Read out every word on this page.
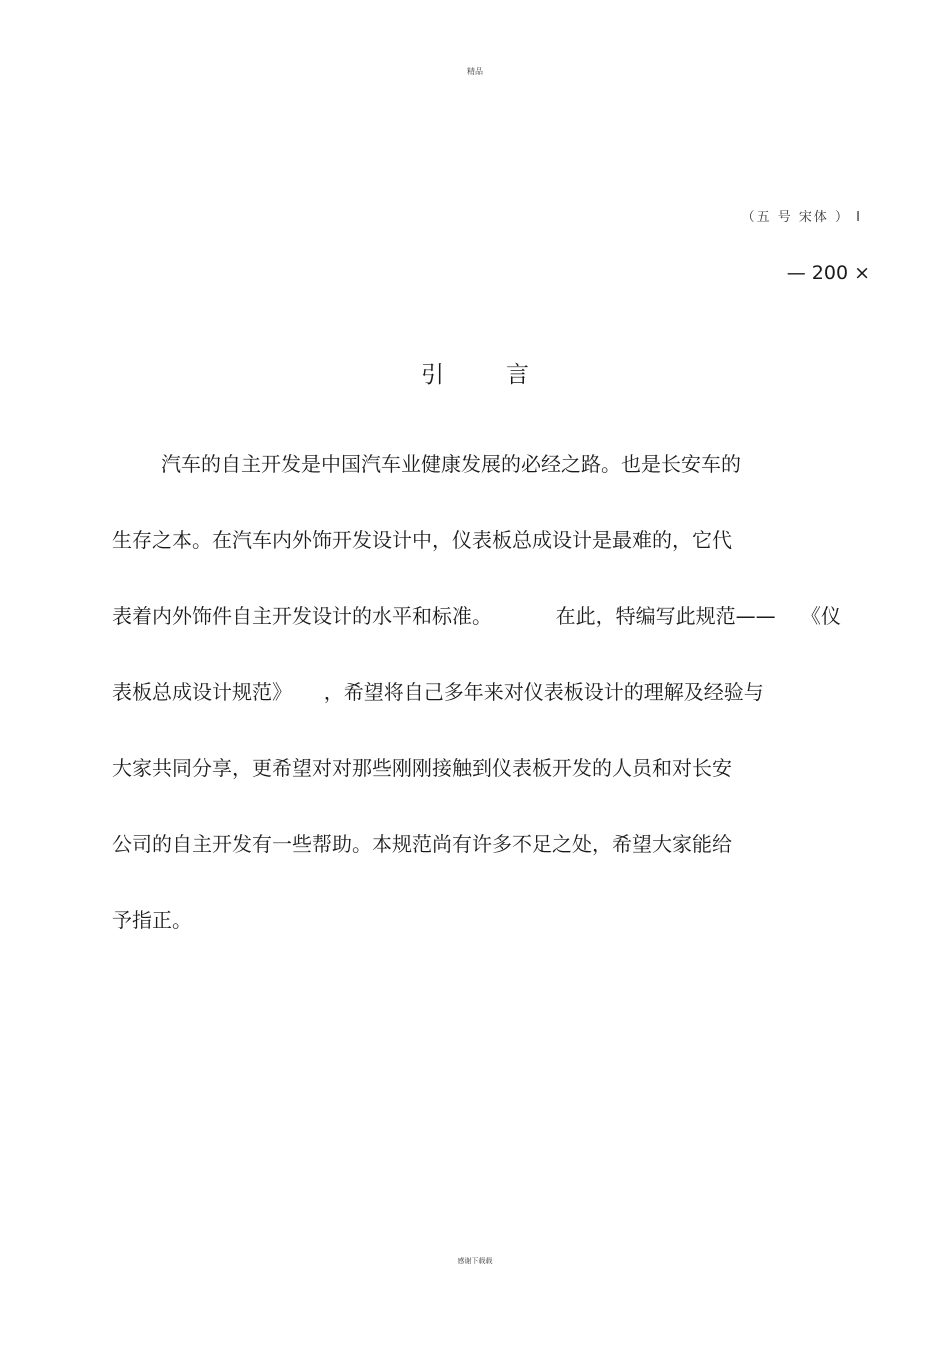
精品
（五 号 宋体 ） I
— 200 ×
引言
汽车的自主开发是中国汽车业健康发展的必经之路。也是长安车的
生存之本。在汽车内外饰开发设计中，仪表板总成设计是最难的，它代
表着内外饰件自主开发设计的水平和标准。          在此，特编写此规范——    《仪
表板总成设计规范》     ，希望将自己多年来对仪表板设计的理解及经验与
大家共同分享，更希望对对那些刚刚接触到仪表板开发的人员和对长安
公司的自主开发有一些帮助。本规范尚有许多不足之处，希望大家能给
予指正。
感谢下载载
